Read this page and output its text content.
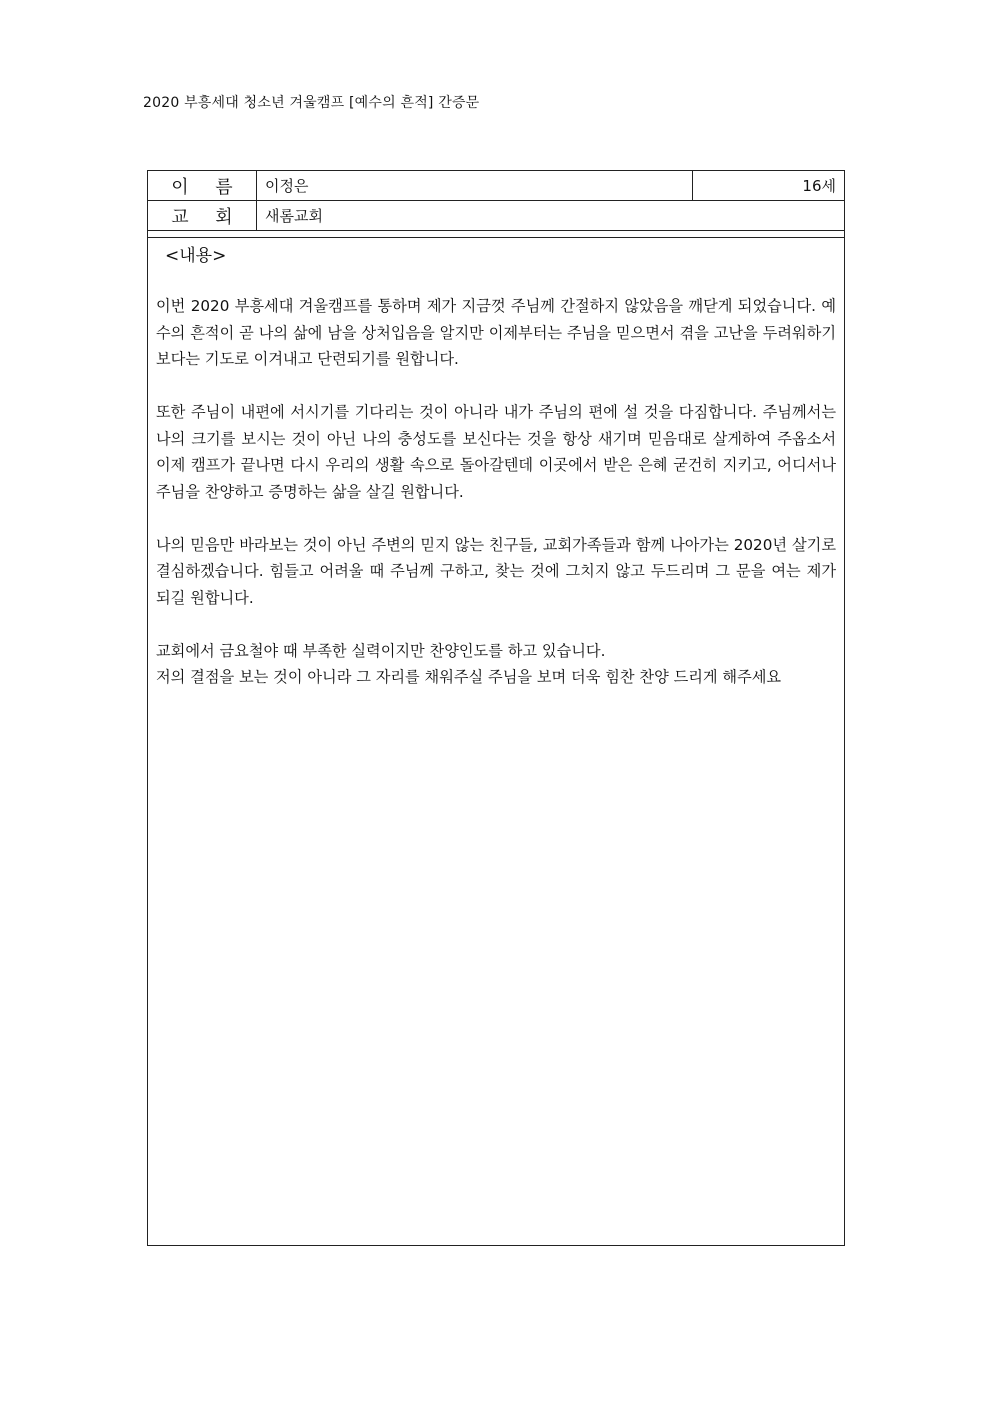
2020 부흥세대 청소년 겨울캠프 [예수의 흔적] 간증문
이	름	이정은	16세
교	회	새롬교회
<내용>

이번 2020 부흥세대 겨울캠프를 통하며 제가 지금껏 주님께 간절하지 않았음을 깨닫게 되었습니다. 예수의 흔적이 곧 나의 삶에 남을 상처입음을 알지만 이제부터는 주님을 믿으면서 겪을 고난을 두려워하기보다는 기도로 이겨내고 단련되기를 원합니다.

또한 주님이 내편에 서시기를 기다리는 것이 아니라 내가 주님의 편에 설 것을 다짐합니다. 주님께서는 나의 크기를 보시는 것이 아닌 나의 충성도를 보신다는 것을 항상 새기며 믿음대로 살게하여 주옵소서 이제 캠프가 끝나면 다시 우리의 생활 속으로 돌아갈텐데 이곳에서 받은 은혜 굳건히 지키고, 어디서나 주님을 찬양하고 증명하는 삶을 살길 원합니다.

나의 믿음만 바라보는 것이 아닌 주변의 믿지 않는 친구들, 교회가족들과 함께 나아가는 2020년 살기로 결심하겠습니다. 힘들고 어려울 때 주님께 구하고, 찾는 것에 그치지 않고 두드리며 그 문을 여는 제가 되길 원합니다.

교회에서 금요철야 때 부족한 실력이지만 찬양인도를 하고 있습니다.

저의 결점을 보는 것이 아니라 그 자리를 채워주실 주님을 보며 더욱 힘찬 찬양 드리게 해주세요
